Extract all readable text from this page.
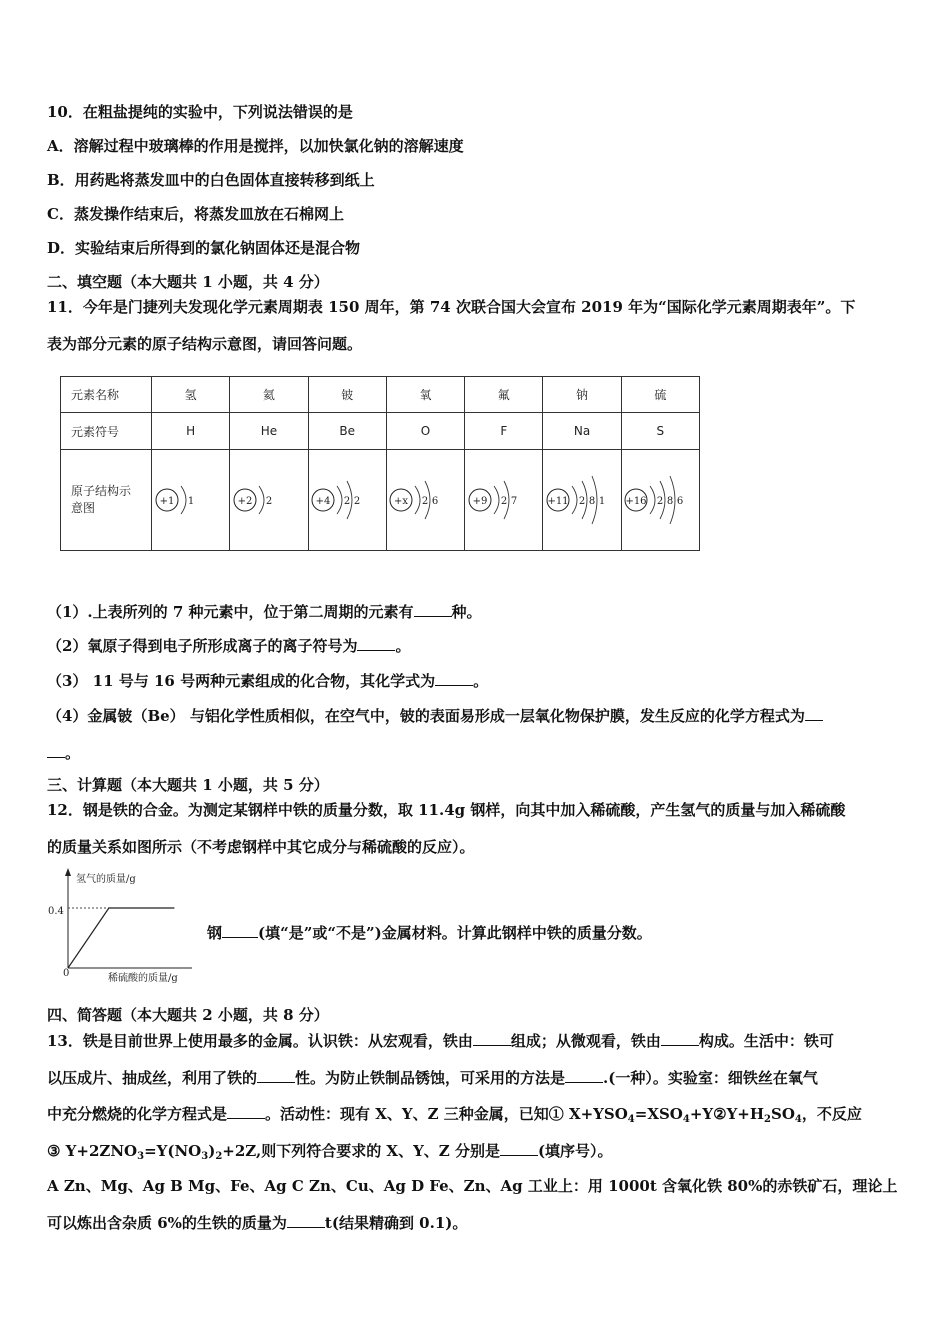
10．在粗盐提纯的实验中，下列说法错误的是
A．溶解过程中玻璃棒的作用是搅拌，以加快氯化钠的溶解速度
B．用药匙将蒸发皿中的白色固体直接转移到纸上
C．蒸发操作结束后，将蒸发皿放在石棉网上
D．实验结束后所得到的氯化钠固体还是混合物
二、填空题（本大题共 1 小题，共 4 分）
11．今年是门捷列夫发现化学元素周期表 150 周年，第 74 次联合国大会宣布 2019 年为“国际化学元素周期表年”。下
表为部分元素的原子结构示意图，请回答问题。
元素名称	氢	氦	铍	氧	氟	钠	硫
元素符号	H	He	Be	O	F	Na	S
原子结构示意图	+1 1	+2 2	+4 2 2	+x 2 6	+9 2 7	+11 2 8 1	+16 2 8 6
（1）.上表所列的 7 种元素中，位于第二周期的元素有	种。
（2）氧原子得到电子所形成离子的离子符号为	。
（3） 11 号与 16 号两种元素组成的化合物，其化学式为	。
（4）金属铍（Be） 与铝化学性质相似，在空气中，铍的表面易形成一层氧化物保护膜，发生反应的化学方程式为
。
三、计算题（本大题共 1 小题，共 5 分）
12．钢是铁的合金。为测定某钢样中铁的质量分数，取 11.4g 钢样，向其中加入稀硫酸，产生氢气的质量与加入稀硫酸
的质量关系如图所示（不考虑钢样中其它成分与稀硫酸的反应）。
氢气的质量/g
稀硫酸的质量/g
0
0.4
钢 (填“是”或“不是”)金属材料。计算此钢样中铁的质量分数。
四、简答题（本大题共 2 小题，共 8 分）
13．铁是目前世界上使用最多的金属。认识铁：从宏观看，铁由	组成；从微观看，铁由	构成。生活中：铁可
以压成片、抽成丝，利用了铁的	性。为防止铁制品锈蚀，可采用的方法是	.(一种）。实验室：细铁丝在氧气
中充分燃烧的化学方程式是	。活动性：现有 X、Y、Z 三种金属，已知① $X+YSO_4=XSO_4+Y②Y+H_2SO_4$，不反应
③ $Y+2ZNO_3=Y(NO_3)_2+2Z$,则下列符合要求的 X、Y、Z 分别是	(填序号）。
A Zn、Mg、Ag B Mg、Fe、Ag C Zn、Cu、Ag D Fe、Zn、Ag 工业上：用 1000t 含氧化铁 80%的赤铁矿石，理论上
可以炼出含杂质 6%的生铁的质量为	t(结果精确到 0.1)。
